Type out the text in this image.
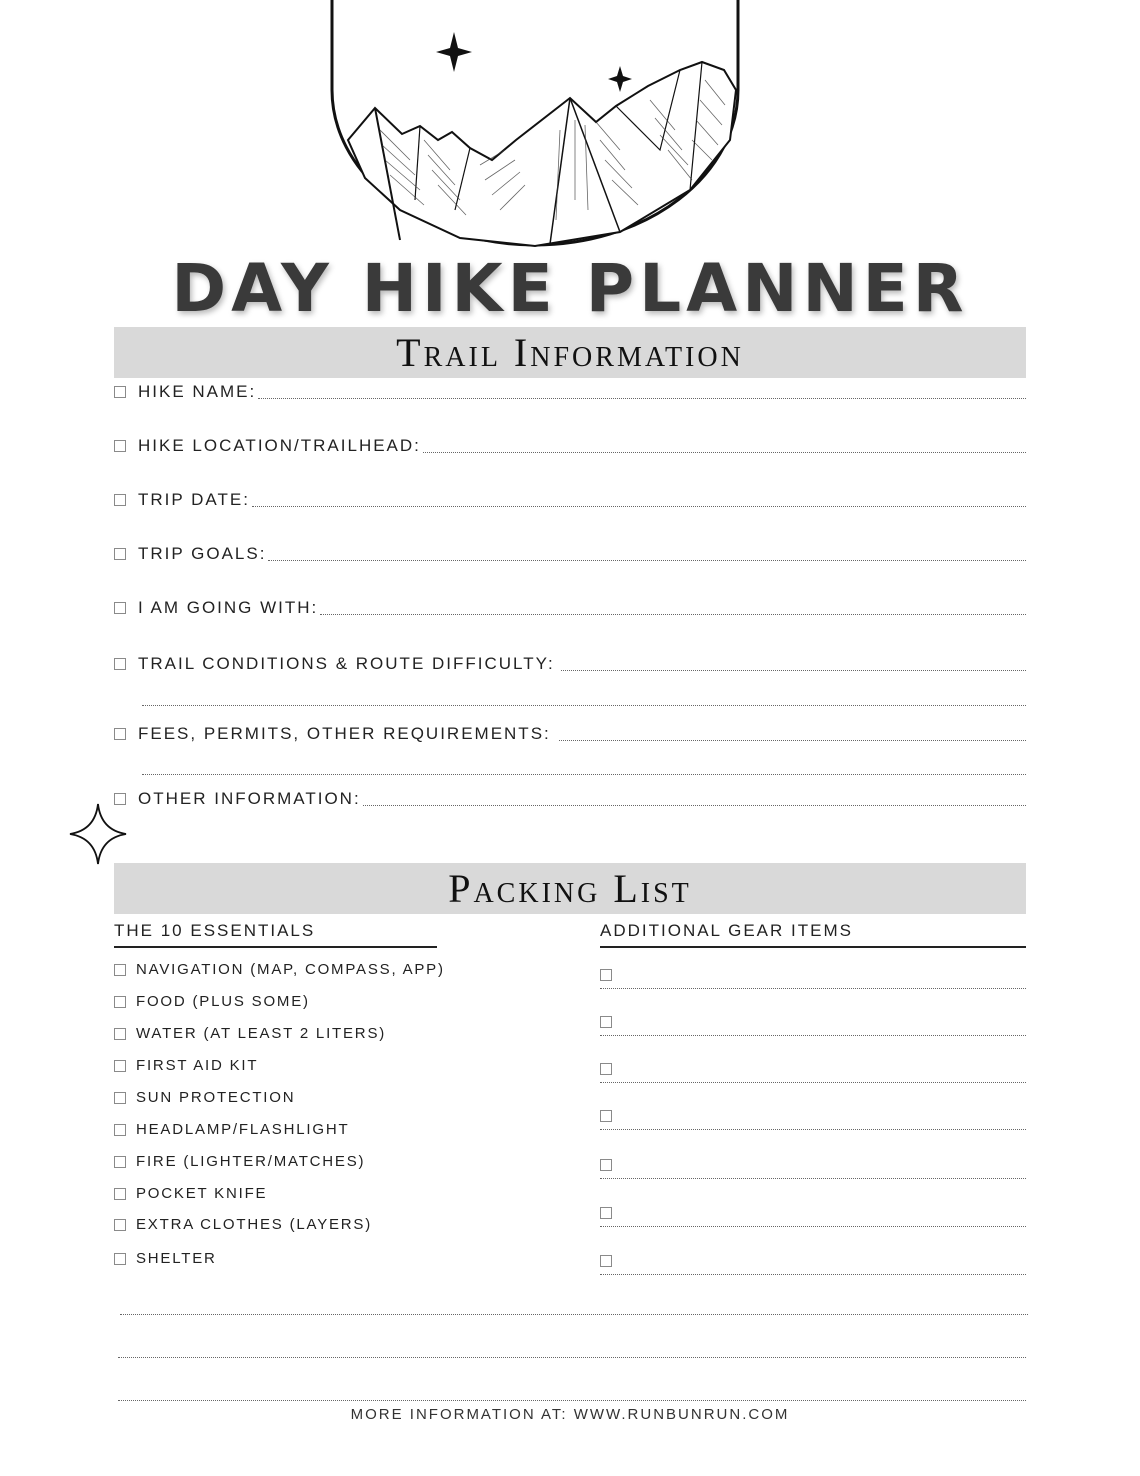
DAY HIKE PLANNER
Trail Information
HIKE NAME:
HIKE LOCATION/TRAILHEAD:
TRIP DATE:
TRIP GOALS:
I AM GOING WITH:
TRAIL CONDITIONS & ROUTE DIFFICULTY:
FEES, PERMITS, OTHER REQUIREMENTS:
OTHER INFORMATION:
Packing List
THE 10 ESSENTIALS	ADDITIONAL GEAR ITEMS
NAVIGATION (MAP, COMPASS, APP)
FOOD (PLUS SOME)
WATER (AT LEAST 2 LITERS)
FIRST AID KIT
SUN PROTECTION
HEADLAMP/FLASHLIGHT
FIRE (LIGHTER/MATCHES)
POCKET KNIFE
EXTRA CLOTHES (LAYERS)
SHELTER
MORE INFORMATION AT: WWW.RUNBUNRUN.COM
